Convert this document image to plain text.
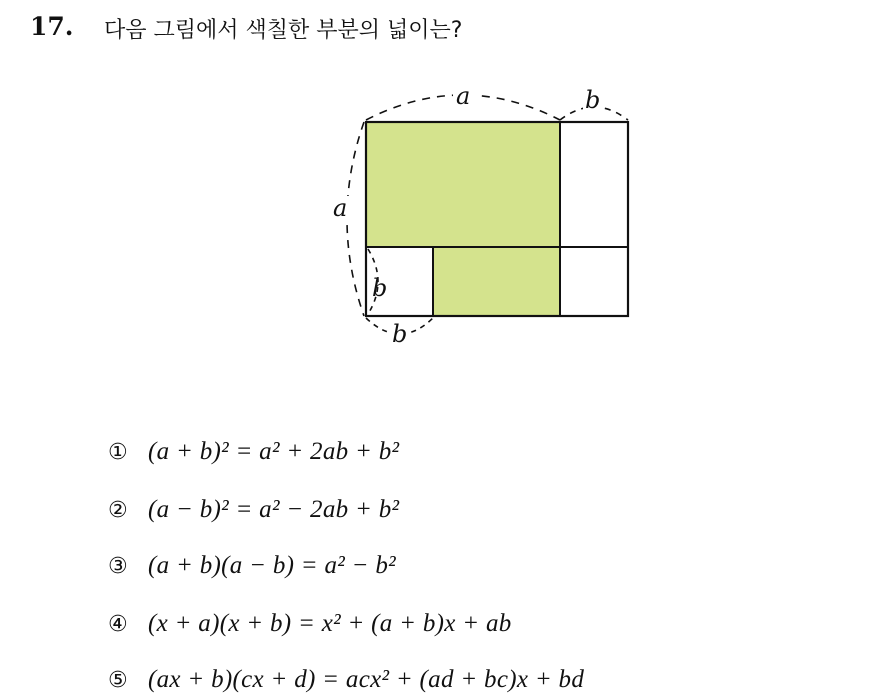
17. 다음 그림에서 색칠한 부분의 넓이는?
a	b
a
b
b
① (a + b)² = a² + 2ab + b²
② (a − b)² = a² − 2ab + b²
③ (a + b)(a − b) = a² − b²
④ (x + a)(x + b) = x² + (a + b)x + ab
⑤ (ax + b)(cx + d) = acx² + (ad + bc)x + bd
